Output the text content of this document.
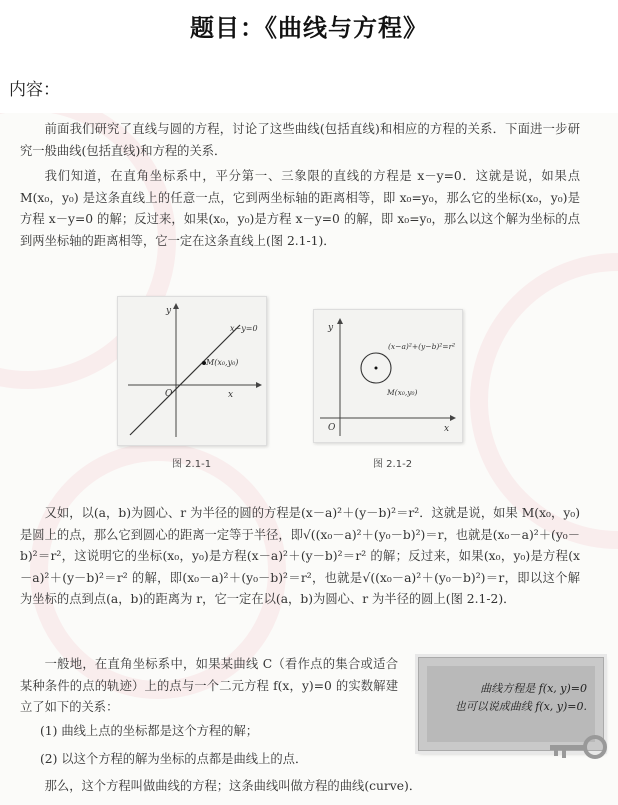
题目：《曲线与方程》
内容：
前面我们研究了直线与圆的方程，讨论了这些曲线(包括直线)和相应的方程的关系．下面进一步研究一般曲线(包括直线)和方程的关系．
我们知道，在直角坐标系中，平分第一、三象限的直线的方程是 x－y=0．这就是说，如果点 M(x₀，y₀) 是这条直线上的任意一点，它到两坐标轴的距离相等，即 x₀=y₀，那么它的坐标(x₀，y₀)是方程 x－y=0 的解；反过来，如果(x₀，y₀)是方程 x－y=0 的解，即 x₀=y₀，那么以这个解为坐标的点到两坐标轴的距离相等，它一定在这条直线上(图 2.1-1)．
y
x
O
x−y=0
M(x₀,y₀)
图 2.1-1
y
x
O
(x−a)²+(y−b)²=r²
M(x₀,y₀)
图 2.1-2
又如，以(a，b)为圆心、r 为半径的圆的方程是(x－a)²＋(y－b)²＝r²．这就是说，如果 M(x₀，y₀) 是圆上的点，那么它到圆心的距离一定等于半径，即√((x₀－a)²＋(y₀－b)²)＝r，也就是(x₀－a)²＋(y₀－b)²＝r²，这说明它的坐标(x₀，y₀)是方程(x－a)²＋(y－b)²＝r² 的解；反过来，如果(x₀，y₀)是方程(x－a)²＋(y－b)²＝r² 的解，即(x₀－a)²＋(y₀－b)²＝r²，也就是√((x₀－a)²＋(y₀－b)²)＝r，即以这个解为坐标的点到点(a，b)的距离为 r，它一定在以(a，b)为圆心、r 为半径的圆上(图 2.1-2)．
一般地，在直角坐标系中，如果某曲线 C（看作点的集合或适合某种条件的点的轨迹）上的点与一个二元方程 f(x，y)=0 的实数解建立了如下的关系：
(1) 曲线上点的坐标都是这个方程的解；
(2) 以这个方程的解为坐标的点都是曲线上的点．
那么，这个方程叫做曲线的方程；这条曲线叫做方程的曲线(curve)．
曲线方程是 f(x, y)=0
也可以说成曲线 f(x, y)=0.
